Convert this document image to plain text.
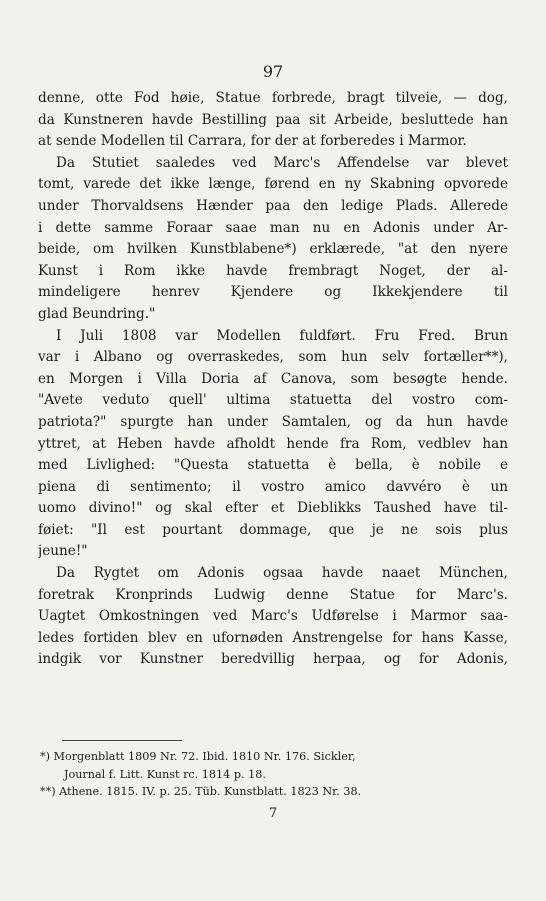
97
denne, otte Fod høie, Statue forbrede, bragt tilveie, — dog,
da Kunstneren havde Bestilling paa sit Arbeide, besluttede han
at sende Modellen til Carrara, for der at forberedes i Marmor.
Da Stutiet saaledes ved Marc's Affendelse var blevet
tomt, varede det ikke længe, førend en ny Skabning opvorede
under Thorvaldsens Hænder paa den ledige Plads. Allerede
i dette samme Foraar saae man nu en Adonis under Ar-
beide, om hvilken Kunstblabene*) erklærede, "at den nyere
Kunst i Rom ikke havde frembragt Noget, der al-
mindeligere henrev Kjendere og Ikkekjendere til
glad Beundring."
I Juli 1808 var Modellen fuldført. Fru Fred. Brun
var i Albano og overraskedes, som hun selv fortæller**),
en Morgen i Villa Doria af Canova, som besøgte hende.
"Avete veduto quell' ultima statuetta del vostro com-
patriota?" spurgte han under Samtalen, og da hun havde
yttret, at Heben havde afholdt hende fra Rom, vedblev han
med Livlighed: "Questa statuetta è bella, è nobile e
piena di sentimento; il vostro amico davvéro è un
uomo divino!" og skal efter et Dieblikks Taushed have til-
føiet: "Il est pourtant dommage, que je ne sois plus
jeune!"
Da Rygtet om Adonis ogsaa havde naaet München,
foretrak Kronprinds Ludwig denne Statue for Marc's.
Uagtet Omkostningen ved Marc's Udførelse i Marmor saa-
ledes fortiden blev en ufornøden Anstrengelse for hans Kasse,
indgik vor Kunstner beredvillig herpaa, og for Adonis,
*) Morgenblatt 1809 Nr. 72. Ibid. 1810 Nr. 176. Sickler,
Journal f. Litt. Kunst rc. 1814 p. 18.
**) Athene. 1815. IV. p. 25. Tüb. Kunstblatt. 1823 Nr. 38.
7
